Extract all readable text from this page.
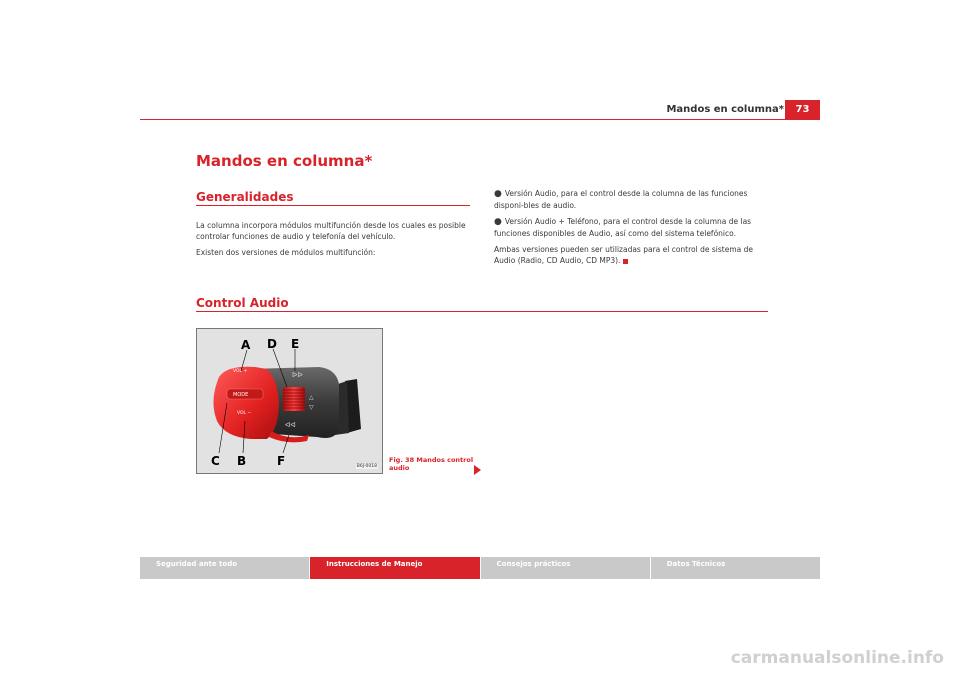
Mandos en columna*	73
Mandos en columna*
Generalidades

La columna incorpora módulos multifunción desde los cuales es posible controlar funciones de audio y telefonía del vehículo.

Existen dos versiones de módulos multifunción:

● Versión Audio, para el control desde la columna de las funciones disponi-bles de audio.

● Versión Audio + Teléfono, para el control desde la columna de las funciones disponibles de Audio, así como del sistema telefónico.

Ambas versiones pueden ser utilizadas para el control de sistema de Audio (Radio, CD Audio, CD MP3).

Control Audio
ᐅᐅ
ᐊᐊ
△
▽
VOL +
MODE
VOL −
A D E
C B	F	B6J-0018
Fig. 38 Mandos control audio
Seguridad ante todo	Instrucciones de Manejo	Consejos prácticos	Datos Técnicos
carmanualsonline.info
